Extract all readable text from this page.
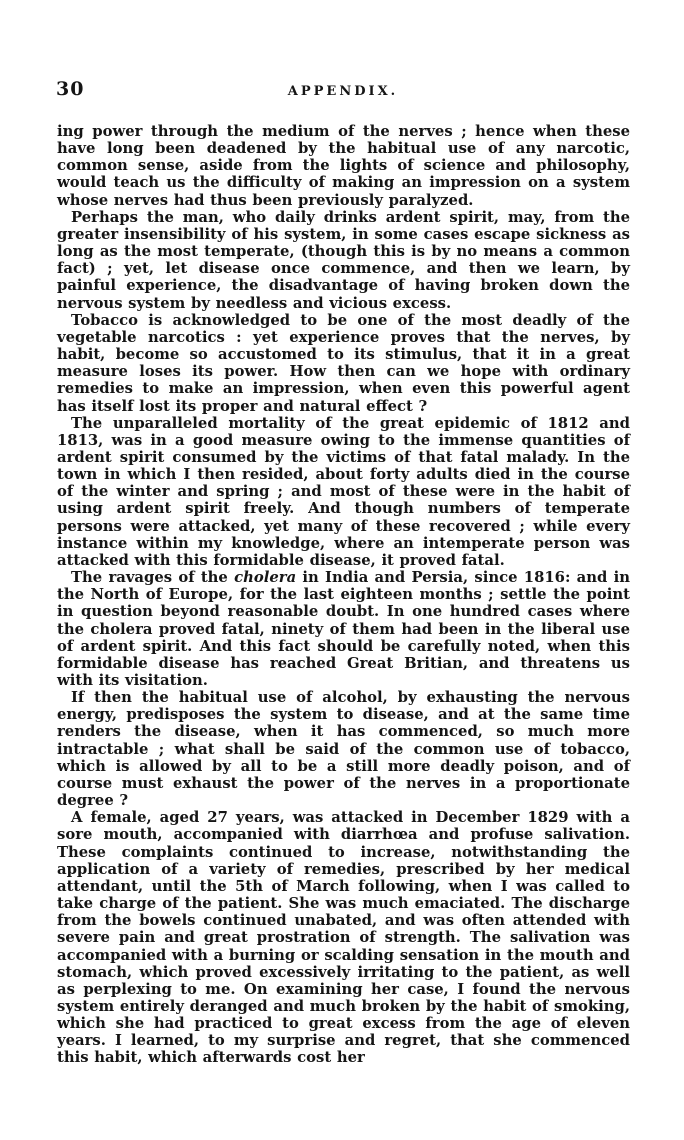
30	APPENDIX.

ing power through the medium of the nerves ; hence when these have long been deadened by the habitual use of any narcotic, common sense, aside from the lights of science and philosophy, would teach us the difficulty of making an impression on a system whose nerves had thus been previously paralyzed.

Perhaps the man, who daily drinks ardent spirit, may, from the greater insensibility of his system, in some cases escape sickness as long as the most temperate, (though this is by no means a common fact) ; yet, let disease once commence, and then we learn, by painful experience, the disadvantage of having broken down the nervous system by needless and vicious excess.

Tobacco is acknowledged to be one of the most deadly of the vegetable narcotics : yet experience proves that the nerves, by habit, become so accustomed to its stimulus, that it in a great measure loses its power. How then can we hope with ordinary remedies to make an impression, when even this powerful agent has itself lost its proper and natural effect ?

The unparalleled mortality of the great epidemic of 1812 and 1813, was in a good measure owing to the immense quantities of ardent spirit consumed by the victims of that fatal malady. In the town in which I then resided, about forty adults died in the course of the winter and spring ; and most of these were in the habit of using ardent spirit freely. And though numbers of temperate persons were attacked, yet many of these recovered ; while every instance within my knowledge, where an intemperate person was attacked with this formidable disease, it proved fatal.

The ravages of the cholera in India and Persia, since 1816: and in the North of Europe, for the last eighteen months ; settle the point in question beyond reasonable doubt. In one hundred cases where the cholera proved fatal, ninety of them had been in the liberal use of ardent spirit. And this fact should be carefully noted, when this formidable disease has reached Great Britian, and threatens us with its visitation.

If then the habitual use of alcohol, by exhausting the nervous energy, predisposes the system to disease, and at the same time renders the disease, when it has commenced, so much more intractable ; what shall be said of the common use of tobacco, which is allowed by all to be a still more deadly poison, and of course must exhaust the power of the nerves in a proportionate degree ?

A female, aged 27 years, was attacked in December 1829 with a sore mouth, accompanied with diarrhœa and profuse salivation. These complaints continued to increase, notwithstanding the application of a variety of remedies, prescribed by her medical attendant, until the 5th of March following, when I was called to take charge of the patient. She was much emaciated. The discharge from the bowels continued unabated, and was often attended with severe pain and great prostration of strength. The salivation was accompanied with a burning or scalding sensation in the mouth and stomach, which proved excessively irritating to the patient, as well as perplexing to me. On examining her case, I found the nervous system entirely deranged and much broken by the habit of smoking, which she had practiced to great excess from the age of eleven years. I learned, to my surprise and regret, that she commenced this habit, which afterwards cost her
